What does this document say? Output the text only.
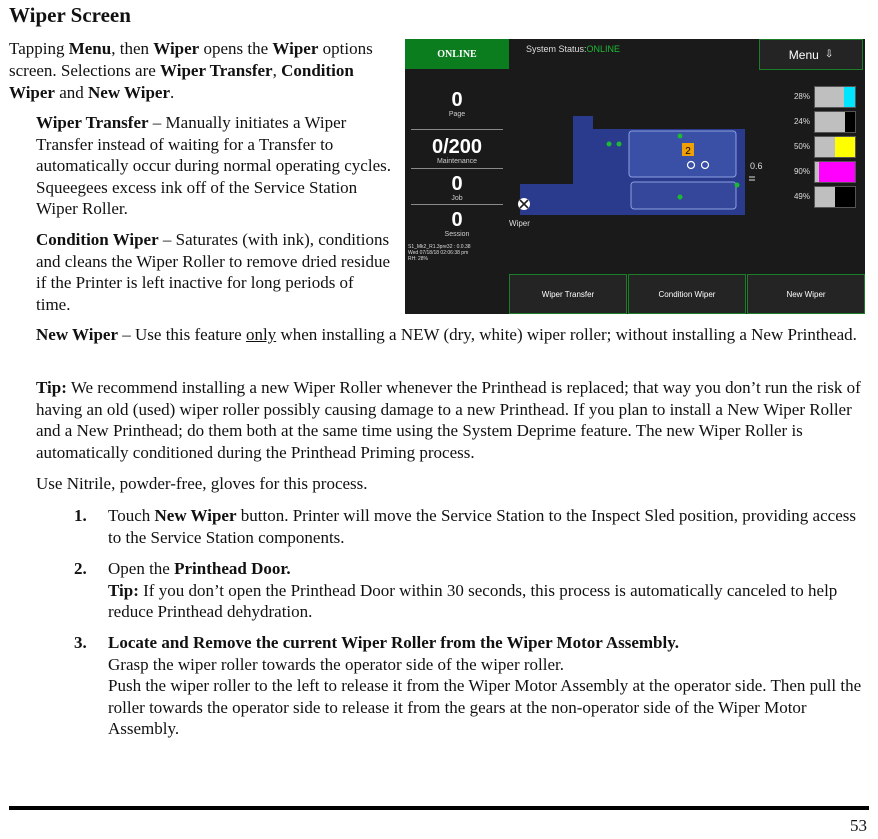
Wiper Screen

Tapping Menu, then Wiper opens the Wiper options screen. Selections are Wiper Transfer, Condition Wiper and New Wiper.

Wiper Transfer – Manually initiates a Wiper Transfer instead of waiting for a Transfer to automatically occur during normal operating cycles. Squeegees excess ink off of the Service Station Wiper Roller.

Condition Wiper – Saturates (with ink), conditions and cleans the Wiper Roller to remove dried residue if the Printer is left inactive for long periods of time.

New Wiper – Use this feature only when installing a NEW (dry, white) wiper roller; without installing a New Printhead.

Tip: We recommend installing a new Wiper Roller whenever the Printhead is replaced; that way you don’t run the risk of having an old (used) wiper roller possibly causing damage to a new Printhead. If you plan to install a New Wiper Roller and a New Printhead; do them both at the same time using the System Deprime feature. The new Wiper Roller is automatically conditioned during the Printhead Priming process.

Use Nitrile, powder-free, gloves for this process.

1. Touch New Wiper button. Printer will move the Service Station to the Inspect Sled position, providing access to the Service Station components.
2. Open the Printhead Door.
Tip: If you don’t open the Printhead Door within 30 seconds, this process is automatically canceled to help reduce Printhead dehydration.
3. Locate and Remove the current Wiper Roller from the Wiper Motor Assembly.
Grasp the wiper roller towards the operator side of the wiper roller.
Push the wiper roller to the left to release it from the Wiper Motor Assembly at the operator side. Then pull the roller towards the operator side to release it from the gears at the non-operator side of the Wiper Motor Assembly.
53
ONLINE	System Status:ONLINE	Menu ⇩
0
Page
0/200
Maintenance
0
Job
0
Session
S1_Mk2_R1.3pre32 : 0.0.38
Wed 07/18/18 02:06:38 pm
RH: 28%
2
0.6
Wiper
28%
24%
50%
90%
49%
Wiper Transfer	Condition Wiper	New Wiper
